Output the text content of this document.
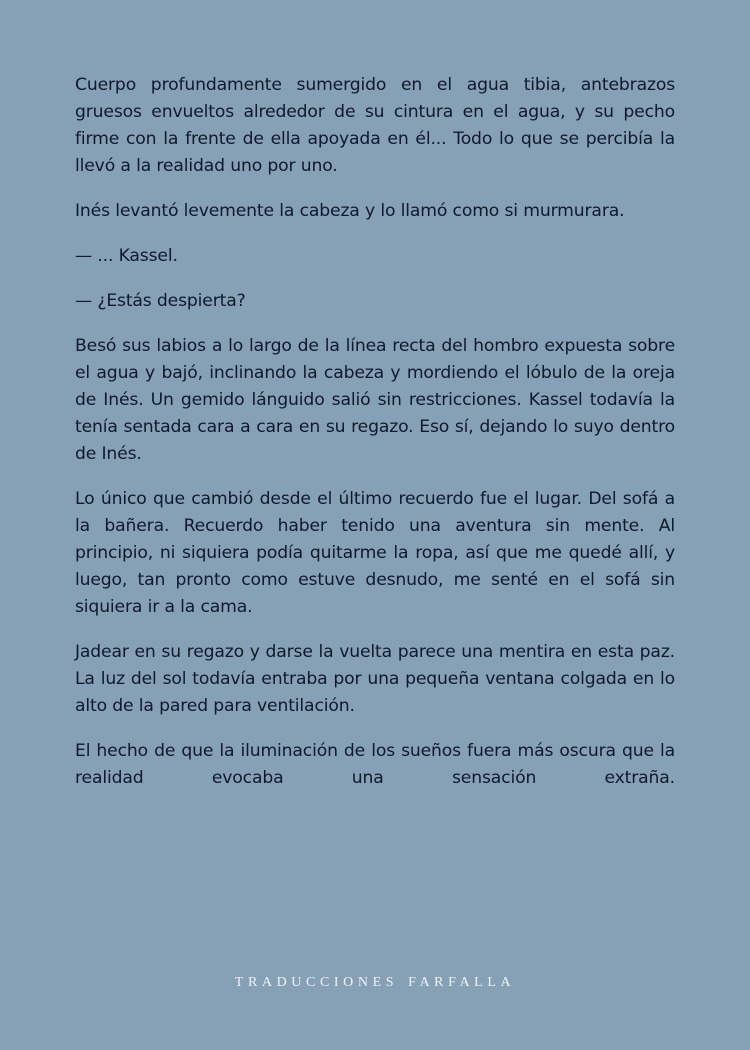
Cuerpo profundamente sumergido en el agua tibia, antebrazos gruesos envueltos alrededor de su cintura en el agua, y su pecho firme con la frente de ella apoyada en él... Todo lo que se percibía la llevó a la realidad uno por uno.

Inés levantó levemente la cabeza y lo llamó como si murmurara.

— ... Kassel.

— ¿Estás despierta?

Besó sus labios a lo largo de la línea recta del hombro expuesta sobre el agua y bajó, inclinando la cabeza y mordiendo el lóbulo de la oreja de Inés. Un gemido lánguido salió sin restricciones. Kassel todavía la tenía sentada cara a cara en su regazo. Eso sí, dejando lo suyo dentro de Inés.

Lo único que cambió desde el último recuerdo fue el lugar. Del sofá a la bañera. Recuerdo haber tenido una aventura sin mente. Al principio, ni siquiera podía quitarme la ropa, así que me quedé allí, y luego, tan pronto como estuve desnudo, me senté en el sofá sin siquiera ir a la cama.

Jadear en su regazo y darse la vuelta parece una mentira en esta paz. La luz del sol todavía entraba por una pequeña ventana colgada en lo alto de la pared para ventilación.

El hecho de que la iluminación de los sueños fuera más oscura que la realidad evocaba una sensación extraña.

TRADUCCIONES FARFALLA
